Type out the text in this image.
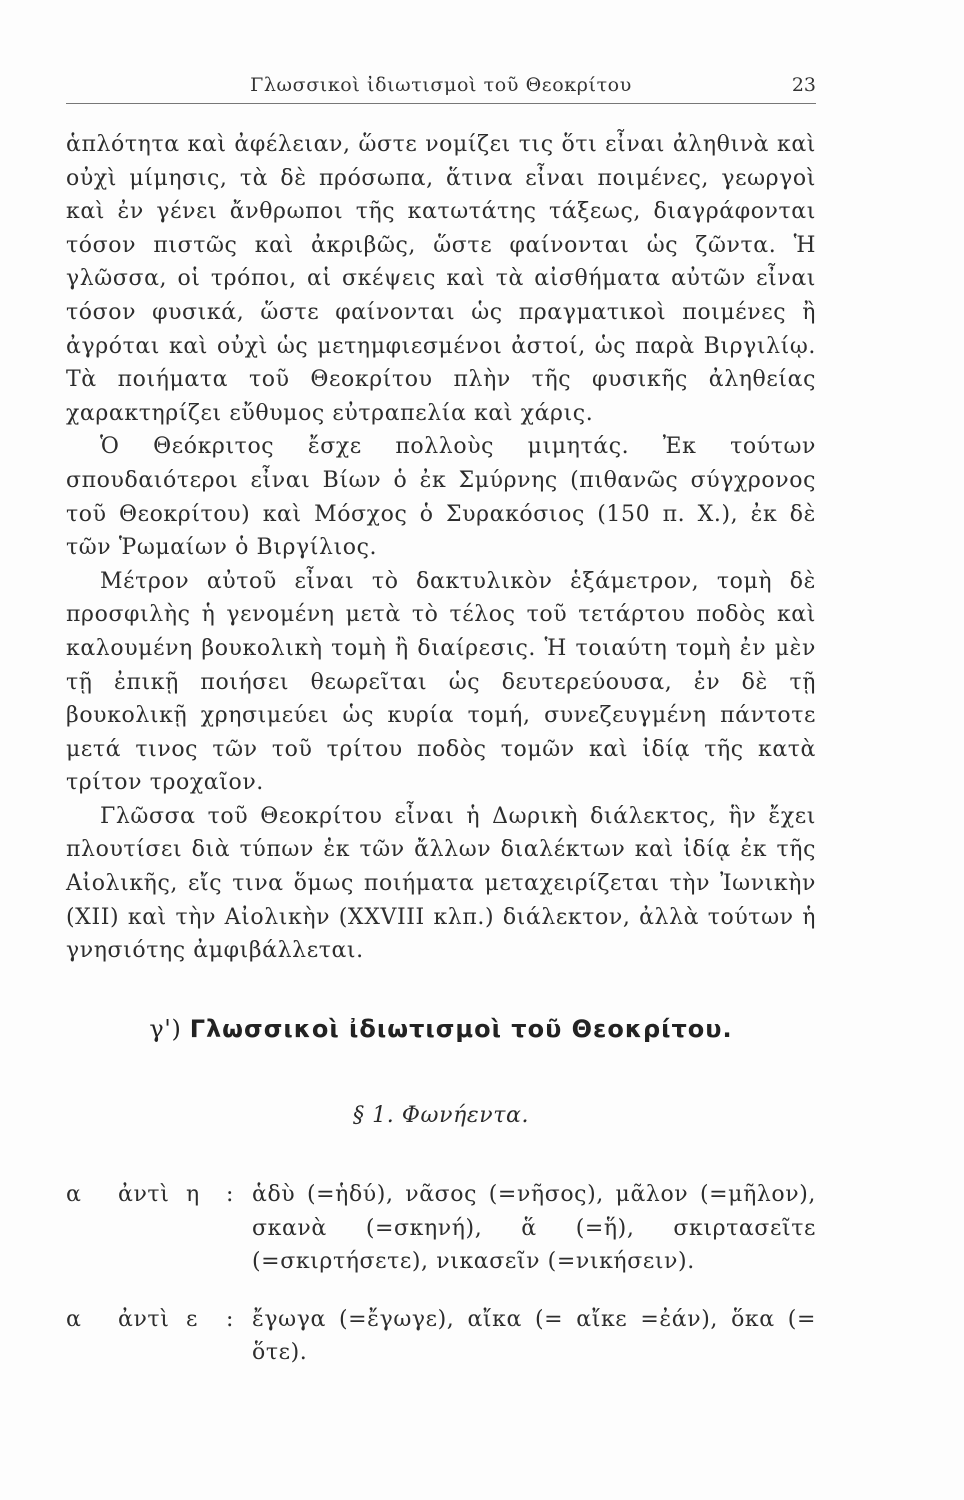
Γλωσσικοὶ ἰδιωτισμοὶ τοῦ Θεοκρίτου	23

ἁπλότητα καὶ ἀφέλειαν, ὥστε νομίζει τις ὅτι εἶναι ἀληθινὰ καὶ οὐχὶ μίμησις, τὰ δὲ πρόσωπα, ἅτινα εἶναι ποιμένες, γεωργοὶ καὶ ἐν γένει ἄνθρωποι τῆς κατωτάτης τάξεως, διαγράφονται τόσον πιστῶς καὶ ἀκριβῶς, ὥστε φαίνονται ὡς ζῶντα. Ἡ γλῶσσα, οἱ τρόποι, αἱ σκέψεις καὶ τὰ αἰσθήματα αὐτῶν εἶναι τόσον φυσικά, ὥστε φαίνονται ὡς πραγματικοὶ ποιμένες ἢ ἀγρόται καὶ οὐχὶ ὡς μετημφιεσμένοι ἀστοί, ὡς παρὰ Βιργιλίῳ. Τὰ ποιήματα τοῦ Θεοκρίτου πλὴν τῆς φυσικῆς ἀληθείας χαρακτηρίζει εὔθυμος εὐτραπελία καὶ χάρις.

Ὁ Θεόκριτος ἔσχε πολλοὺς μιμητάς. Ἐκ τούτων σπουδαιότεροι εἶναι Βίων ὁ ἐκ Σμύρνης (πιθανῶς σύγχρονος τοῦ Θεοκρίτου) καὶ Μόσχος ὁ Συρακόσιος (150 π. Χ.), ἐκ δὲ τῶν Ῥωμαίων ὁ Βιργίλιος.

Μέτρον αὐτοῦ εἶναι τὸ δακτυλικὸν ἑξάμετρον, τομὴ δὲ προσφιλὴς ἡ γενομένη μετὰ τὸ τέλος τοῦ τετάρτου ποδὸς καὶ καλουμένη βουκολικὴ τομὴ ἢ διαίρεσις. Ἡ τοιαύτη τομὴ ἐν μὲν τῇ ἐπικῇ ποιήσει θεωρεῖται ὡς δευτερεύουσα, ἐν δὲ τῇ βουκολικῇ χρησιμεύει ὡς κυρία τομή, συνεζευγμένη πάντοτε μετά τινος τῶν τοῦ τρίτου ποδὸς τομῶν καὶ ἰδίᾳ τῆς κατὰ τρίτον τροχαῖον.

Γλῶσσα τοῦ Θεοκρίτου εἶναι ἡ Δωρικὴ διάλεκτος, ἣν ἔχει πλουτίσει διὰ τύπων ἐκ τῶν ἄλλων διαλέκτων καὶ ἰδίᾳ ἐκ τῆς Αἰολικῆς, εἴς τινα ὅμως ποιήματα μεταχειρίζεται τὴν Ἰωνικὴν (XII) καὶ τὴν Αἰολικὴν (XXVIII κλπ.) διάλεκτον, ἀλλὰ τούτων ἡ γνησιότης ἀμφιβάλλεται.

γ') Γλωσσικοὶ ἰδιωτισμοὶ τοῦ Θεοκρίτου.
§ 1. Φωνήεντα.
α	ἀντὶ η	: ἁδὺ (=ἡδύ), νᾶσος (=νῆσος), μᾶλον (=μῆλον), σκανὰ (=σκηνή), ἅ (=ἥ), σκιρτασεῖτε (=σκιρτήσετε), νικασεῖν (=νικήσειν).
α	ἀντὶ ε	: ἔγωγα (=ἔγωγε), αἴκα (= αἴκε =ἐάν), ὅκα (= ὅτε).
